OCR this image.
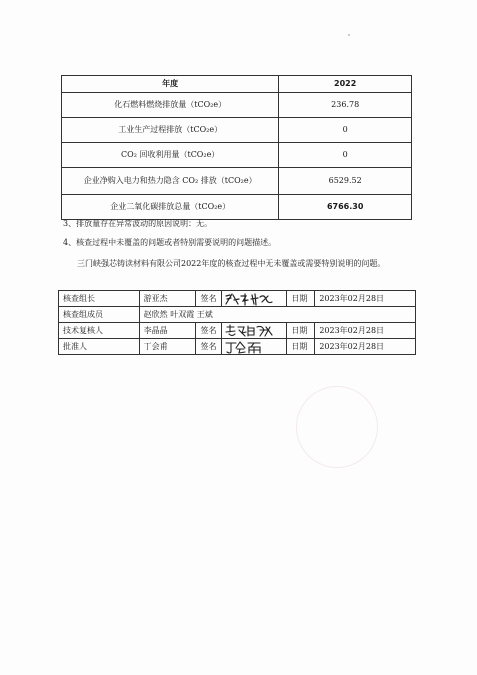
年度	2022
化石燃料燃烧排放量（tCO₂e）	236.78
工业生产过程排放（tCO₂e）	0
CO₂ 回收利用量（tCO₂e）	0
企业净购入电力和热力隐含 CO₂ 排放（tCO₂e）	6529.52
企业二氧化碳排放总量（tCO₂e）	6766.30

3、排放量存在异常波动的原因说明：无。

4、核查过程中未覆盖的问题或者特别需要说明的问题描述。

三门峡强芯铸读材料有限公司2022年度的核查过程中无未覆盖或需要特别说明的问题。

核查组长	游亚杰	签名		日期	2023年02月28日
核查组成员	赵欣然 叶双霞 王斌				
技术复核人	李晶晶	签名		日期	2023年02月28日
批准人	丁会甫	签名		日期	2023年02月28日
